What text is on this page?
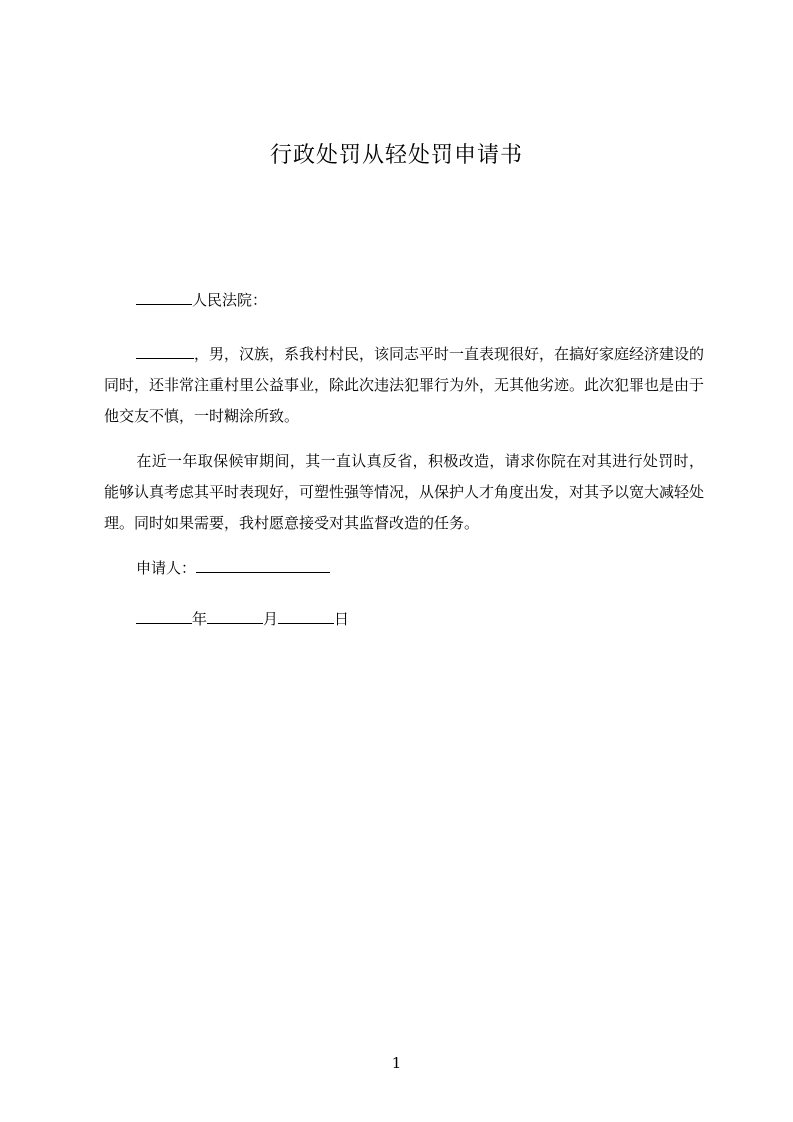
行政处罚从轻处罚申请书
人民法院：
，男，汉族，系我村村民，该同志平时一直表现很好，在搞好家庭经济建设的同时，还非常注重村里公益事业，除此次违法犯罪行为外，无其他劣迹。此次犯罪也是由于他交友不慎，一时糊涂所致。
在近一年取保候审期间，其一直认真反省，积极改造，请求你院在对其进行处罚时，能够认真考虑其平时表现好，可塑性强等情况，从保护人才角度出发，对其予以宽大减轻处理。同时如果需要，我村愿意接受对其监督改造的任务。
申请人：
年	月	日
1
